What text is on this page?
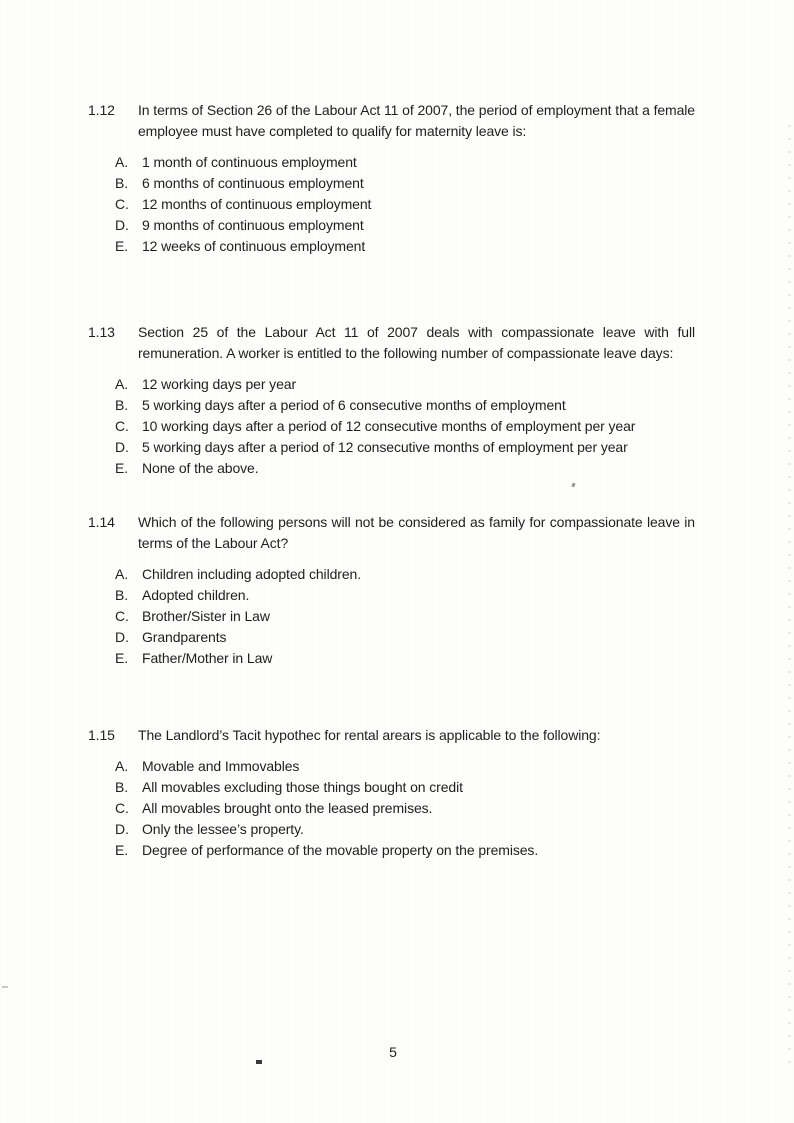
1.12	In terms of Section 26 of the Labour Act 11 of 2007, the period of employment that a female employee must have completed to qualify for maternity leave is:

A. 1 month of continuous employment
B. 6 months of continuous employment
C. 12 months of continuous employment
D. 9 months of continuous employment
E. 12 weeks of continuous employment
1.13	Section 25 of the Labour Act 11 of 2007 deals with compassionate leave with full remuneration. A worker is entitled to the following number of compassionate leave days:

A. 12 working days per year
B. 5 working days after a period of 6 consecutive months of employment
C. 10 working days after a period of 12 consecutive months of employment per year
D. 5 working days after a period of 12 consecutive months of employment per year
E. None of the above.
1.14	Which of the following persons will not be considered as family for compassionate leave in terms of the Labour Act?

A. Children including adopted children.
B. Adopted children.
C. Brother/Sister in Law
D. Grandparents
E. Father/Mother in Law
1.15	The Landlord’s Tacit hypothec for rental arears is applicable to the following:

A. Movable and Immovables
B. All movables excluding those things bought on credit
C. All movables brought onto the leased premises.
D. Only the lessee’s property.
E. Degree of performance of the movable property on the premises.
5
